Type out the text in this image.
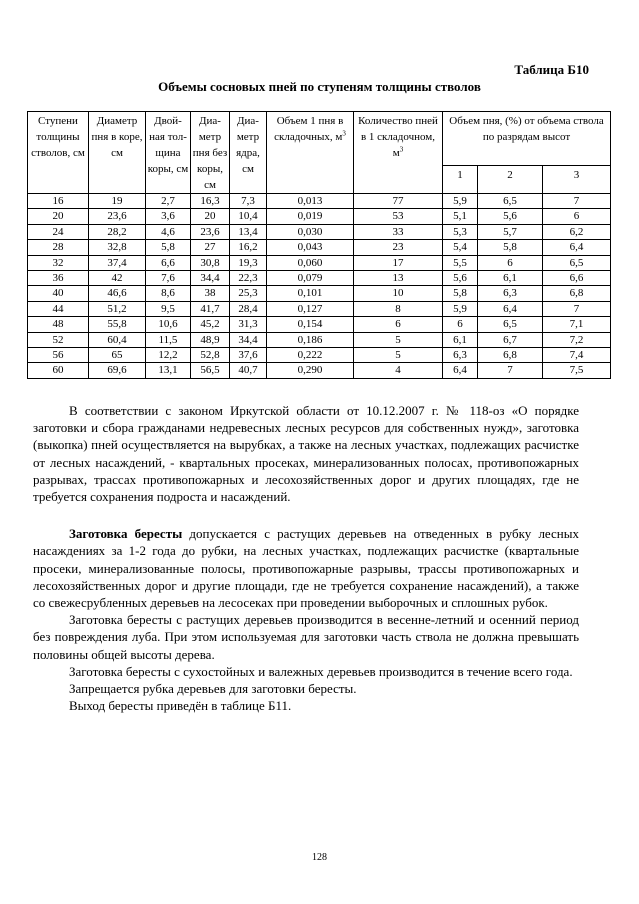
Таблица Б10
Объемы сосновых пней по ступеням толщины стволов
Ступени толщины стволов, см	Диаметр пня в коре, см	Двой-ная тол-щина коры, см	Диа-метр пня без коры, см	Диа-метр ядра, см	Объем 1 пня в складочных, $м^3$	Количество пней в 1 складочном, $м^3$	Объем пня, (%) от объема ствола по разрядам высот		
							1	2	3
16	19	2,7	16,3	7,3	0,013	77	5,9	6,5	7
20	23,6	3,6	20	10,4	0,019	53	5,1	5,6	6
24	28,2	4,6	23,6	13,4	0,030	33	5,3	5,7	6,2
28	32,8	5,8	27	16,2	0,043	23	5,4	5,8	6,4
32	37,4	6,6	30,8	19,3	0,060	17	5,5	6	6,5
36	42	7,6	34,4	22,3	0,079	13	5,6	6,1	6,6
40	46,6	8,6	38	25,3	0,101	10	5,8	6,3	6,8
44	51,2	9,5	41,7	28,4	0,127	8	5,9	6,4	7
48	55,8	10,6	45,2	31,3	0,154	6	6	6,5	7,1
52	60,4	11,5	48,9	34,4	0,186	5	6,1	6,7	7,2
56	65	12,2	52,8	37,6	0,222	5	6,3	6,8	7,4
60	69,6	13,1	56,5	40,7	0,290	4	6,4	7	7,5

В соответствии с законом Иркутской области от 10.12.2007 г. № 118-оз «О порядке заготовки и сбора гражданами недревесных лесных ресурсов для собственных нужд», заготовка (выкопка) пней осуществляется на вырубках, а также на лесных участках, подлежащих расчистке от лесных насаждений, - квартальных просеках, минерализованных полосах, противопожарных разрывах, трассах противопожарных и лесохозяйственных дорог и других площадях, где не требуется сохранения подроста и насаждений.

Заготовка бересты допускается с растущих деревьев на отведенных в рубку лесных насаждениях за 1-2 года до рубки, на лесных участках, подлежащих расчистке (квартальные просеки, минерализованные полосы, противопожарные разрывы, трассы противопожарных и лесохозяйственных дорог и другие площади, где не требуется сохранение насаждений), а также со свежесрубленных деревьев на лесосеках при проведении выборочных и сплошных рубок.

Заготовка бересты с растущих деревьев производится в весенне-летний и осенний период без повреждения луба. При этом используемая для заготовки часть ствола не должна превышать половины общей высоты дерева.

Заготовка бересты с сухостойных и валежных деревьев производится в течение всего года.

Запрещается рубка деревьев для заготовки бересты.

Выход бересты приведён в таблице Б11.

128
